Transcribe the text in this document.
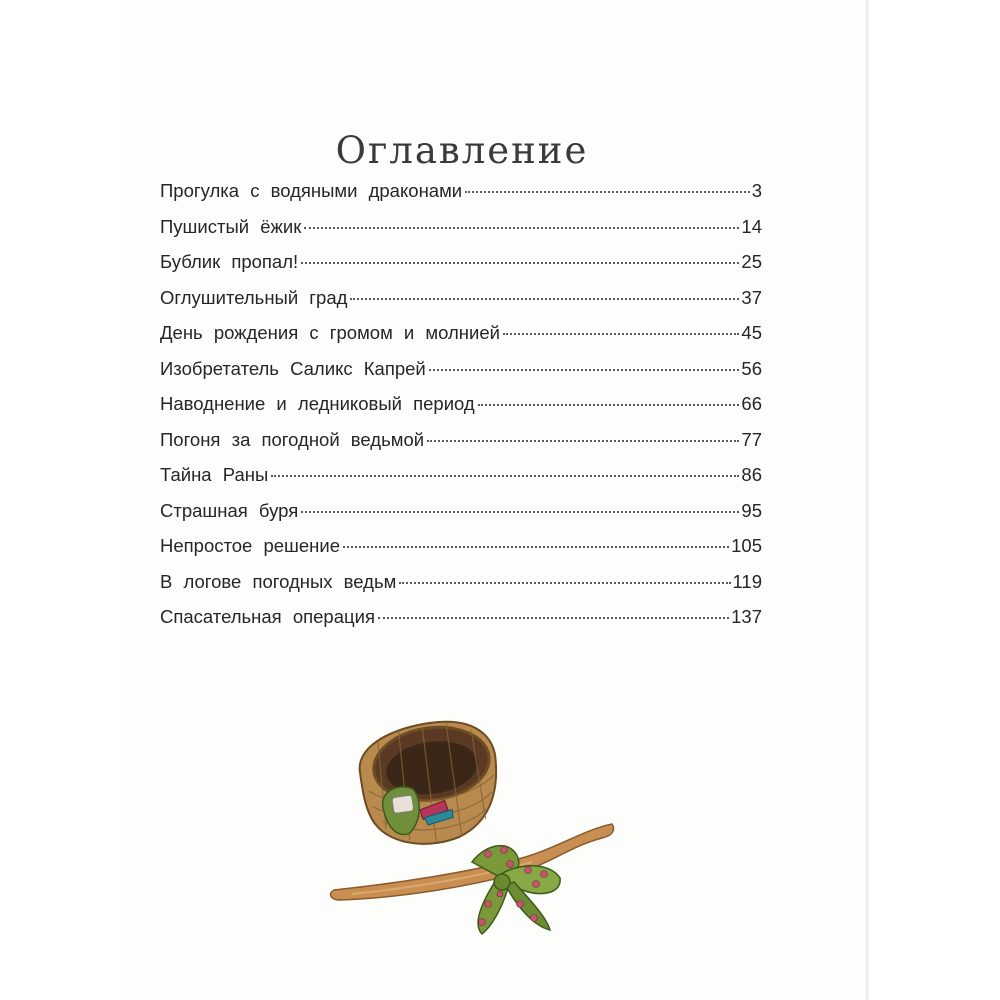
Оглавление
Прогулка с водяными драконами	3
Пушистый ёжик	14
Бублик пропал!	25
Оглушительный град	37
День рождения с громом и молнией	45
Изобретатель Саликс Капрей	56
Наводнение и ледниковый период	66
Погоня за погодной ведьмой	77
Тайна Раны	86
Страшная буря	95
Непростое решение	105
В логове погодных ведьм	119
Спасательная операция	137
